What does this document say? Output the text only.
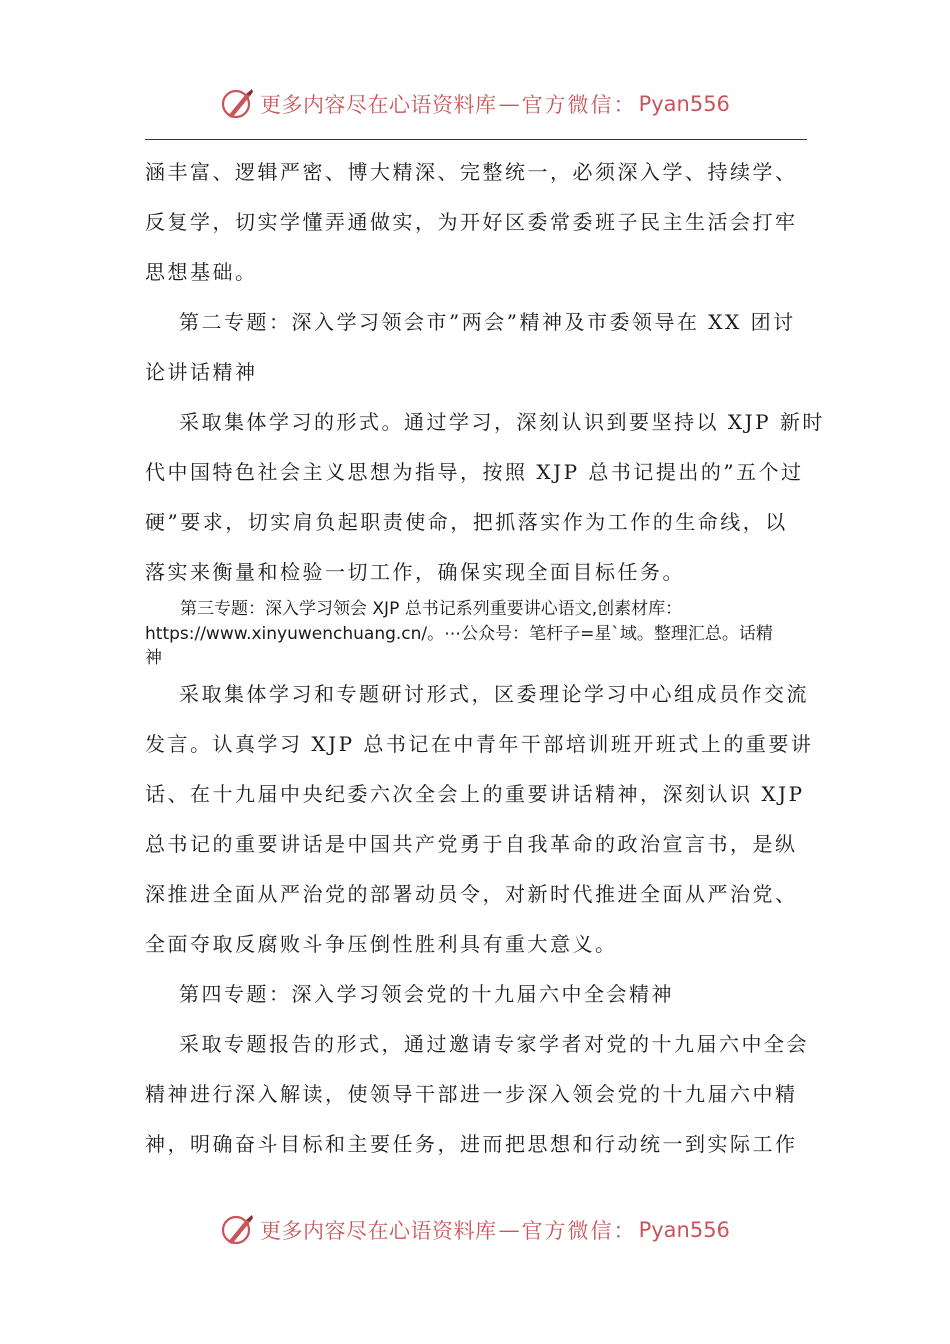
更多内容尽在心语资料库 — 官方微信： Pyan556
涵丰富、逻辑严密、博大精深、完整统一，必须深入学、持续学、
反复学，切实学懂弄通做实，为开好区委常委班子民主生活会打牢
思想基础。
第二专题：深入学习领会市”两会”精神及市委领导在 XX 团讨
论讲话精神
采取集体学习的形式。通过学习，深刻认识到要坚持以 XJP 新时
代中国特色社会主义思想为指导，按照 XJP 总书记提出的”五个过
硬”要求，切实肩负起职责使命，把抓落实作为工作的生命线，以
落实来衡量和检验一切工作，确保实现全面目标任务。
第三专题：深入学习领会 XJP 总书记系列重要讲心语文,创素材库：
https://www.xinyuwenchuang.cn/。⋯公众号：笔杆子=星`域。整理汇总。话精
神
采取集体学习和专题研讨形式，区委理论学习中心组成员作交流
发言。认真学习 XJP 总书记在中青年干部培训班开班式上的重要讲
话、在十九届中央纪委六次全会上的重要讲话精神，深刻认识 XJP
总书记的重要讲话是中国共产党勇于自我革命的政治宣言书，是纵
深推进全面从严治党的部署动员令，对新时代推进全面从严治党、
全面夺取反腐败斗争压倒性胜利具有重大意义。
第四专题：深入学习领会党的十九届六中全会精神
采取专题报告的形式，通过邀请专家学者对党的十九届六中全会
精神进行深入解读，使领导干部进一步深入领会党的十九届六中精
神，明确奋斗目标和主要任务，进而把思想和行动统一到实际工作
更多内容尽在心语资料库 — 官方微信： Pyan556
